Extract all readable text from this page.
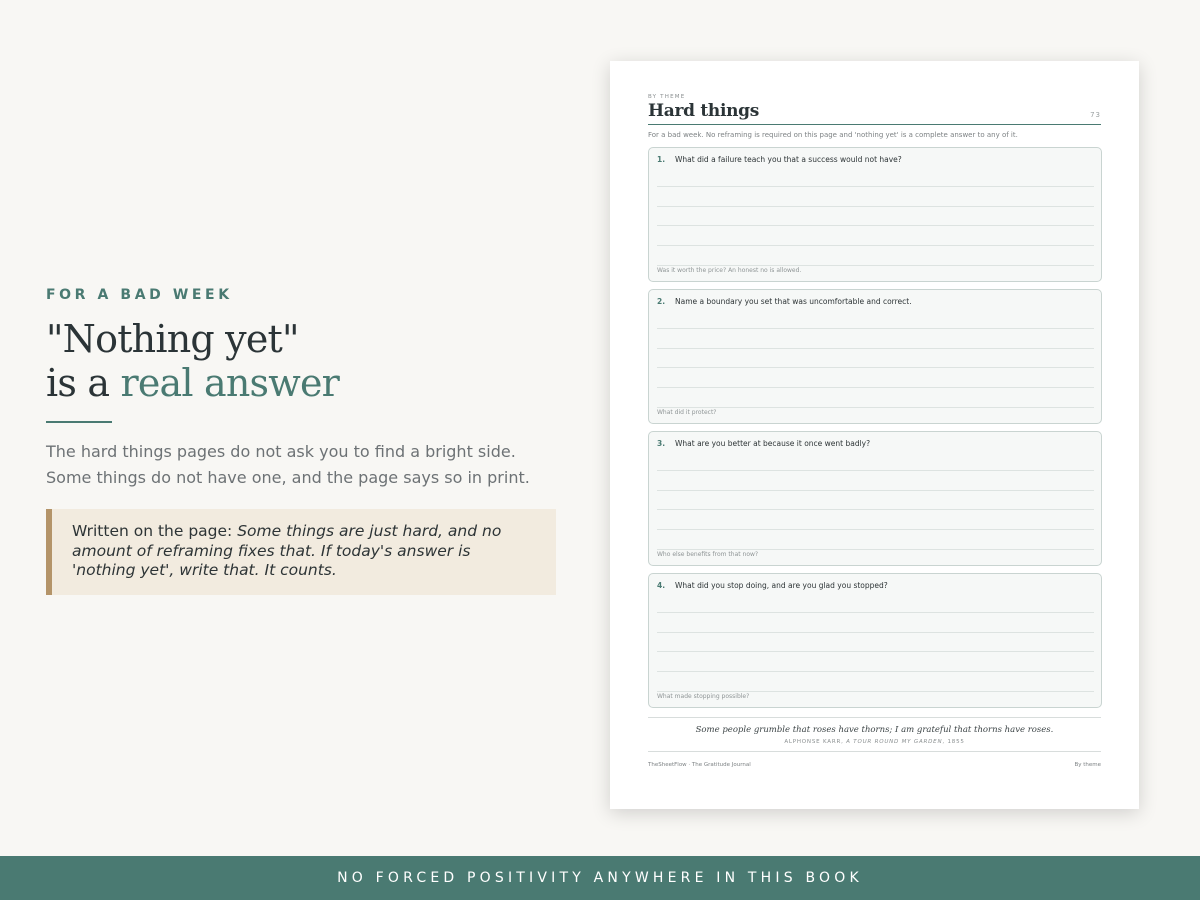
FOR A BAD WEEK
"Nothing yet"
is a real answer

The hard things pages do not ask you to find a bright side. Some things do not have one, and the page says so in print.

Written on the page: Some things are just hard, and no amount of reframing fixes that. If today's answer is 'nothing yet', write that. It counts.
BY THEME
Hard things	73
For a bad week. No reframing is required on this page and 'nothing yet' is a complete answer to any of it.
1.	What did a failure teach you that a success would not have?
Was it worth the price? An honest no is allowed.
2.	Name a boundary you set that was uncomfortable and correct.
What did it protect?
3.	What are you better at because it once went badly?
Who else benefits from that now?
4.	What did you stop doing, and are you glad you stopped?
What made stopping possible?
Some people grumble that roses have thorns; I am grateful that thorns have roses.
ALPHONSE KARR, A TOUR ROUND MY GARDEN, 1855
TheSheetFlow · The Gratitude Journal	By theme
NO FORCED POSITIVITY ANYWHERE IN THIS BOOK
